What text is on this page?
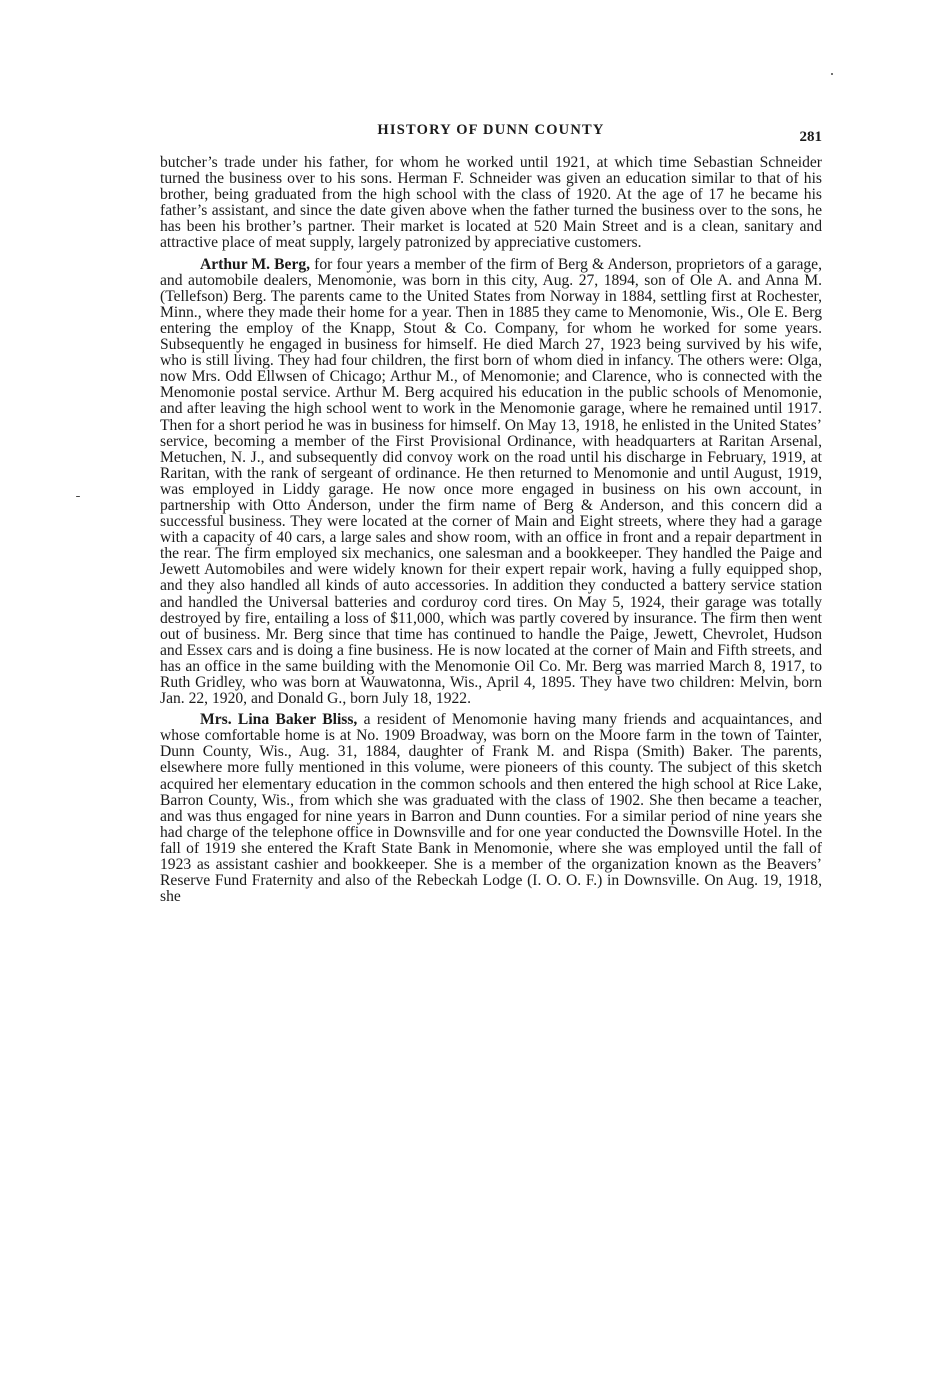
HISTORY OF DUNN COUNTY	281

butcher’s trade under his father, for whom he worked until 1921, at which time Sebastian Schneider turned the business over to his sons. Herman F. Schneider was given an education similar to that of his brother, being graduated from the high school with the class of 1920. At the age of 17 he became his father’s assistant, and since the date given above when the father turned the business over to the sons, he has been his brother’s partner. Their market is located at 520 Main Street and is a clean, sanitary and attractive place of meat supply, largely patronized by appreciative customers.

Arthur M. Berg, for four years a member of the firm of Berg & Anderson, proprietors of a garage, and automobile dealers, Menomonie, was born in this city, Aug. 27, 1894, son of Ole A. and Anna M. (Tellefson) Berg. The parents came to the United States from Norway in 1884, settling first at Rochester, Minn., where they made their home for a year. Then in 1885 they came to Menomonie, Wis., Ole E. Berg entering the employ of the Knapp, Stout & Co. Company, for whom he worked for some years. Subsequently he engaged in business for himself. He died March 27, 1923 being survived by his wife, who is still living. They had four children, the first born of whom died in infancy. The others were: Olga, now Mrs. Odd Ellwsen of Chicago; Arthur M., of Menomonie; and Clarence, who is connected with the Menomonie postal service. Arthur M. Berg acquired his education in the public schools of Menomonie, and after leaving the high school went to work in the Menomonie garage, where he remained until 1917. Then for a short period he was in business for himself. On May 13, 1918, he enlisted in the United States’ service, becoming a member of the First Provisional Ordinance, with headquarters at Raritan Arsenal, Metuchen, N. J., and subsequently did convoy work on the road until his discharge in February, 1919, at Raritan, with the rank of sergeant of ordinance. He then returned to Menomonie and until August, 1919, was employed in Liddy garage. He now once more engaged in business on his own account, in partnership with Otto Anderson, under the firm name of Berg & Anderson, and this concern did a successful business. They were located at the corner of Main and Eight streets, where they had a garage with a capacity of 40 cars, a large sales and show room, with an office in front and a repair department in the rear. The firm employed six mechanics, one salesman and a bookkeeper. They handled the Paige and Jewett Automobiles and were widely known for their expert repair work, having a fully equipped shop, and they also handled all kinds of auto accessories. In addition they conducted a battery service station and handled the Universal batteries and corduroy cord tires. On May 5, 1924, their garage was totally destroyed by fire, entailing a loss of $11,000, which was partly covered by insurance. The firm then went out of business. Mr. Berg since that time has continued to handle the Paige, Jewett, Chevrolet, Hudson and Essex cars and is doing a fine business. He is now located at the corner of Main and Fifth streets, and has an office in the same building with the Menomonie Oil Co. Mr. Berg was married March 8, 1917, to Ruth Gridley, who was born at Wauwatonna, Wis., April 4, 1895. They have two children: Melvin, born Jan. 22, 1920, and Donald G., born July 18, 1922.

Mrs. Lina Baker Bliss, a resident of Menomonie having many friends and acquaintances, and whose comfortable home is at No. 1909 Broadway, was born on the Moore farm in the town of Tainter, Dunn County, Wis., Aug. 31, 1884, daughter of Frank M. and Rispa (Smith) Baker. The parents, elsewhere more fully mentioned in this volume, were pioneers of this county. The subject of this sketch acquired her elementary education in the common schools and then entered the high school at Rice Lake, Barron County, Wis., from which she was graduated with the class of 1902. She then became a teacher, and was thus engaged for nine years in Barron and Dunn counties. For a similar period of nine years she had charge of the telephone office in Downsville and for one year conducted the Downsville Hotel. In the fall of 1919 she entered the Kraft State Bank in Menomonie, where she was employed until the fall of 1923 as assistant cashier and bookkeeper. She is a member of the organization known as the Beavers’ Reserve Fund Fraternity and also of the Rebeckah Lodge (I. O. O. F.) in Downsville. On Aug. 19, 1918, she
